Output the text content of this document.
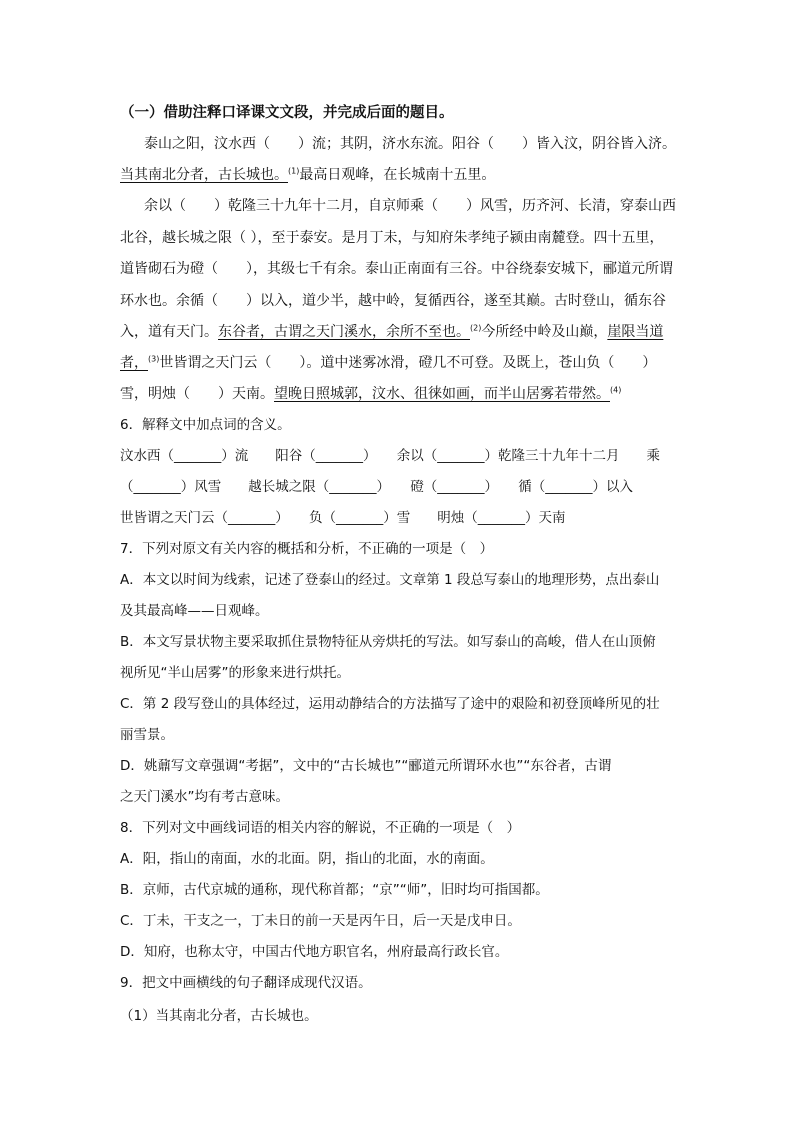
（一）借助注释口译课文文段，并完成后面的题目。
泰山之阳，汶水西（　　）流；其阴，济水东流。阳谷（　　）皆入汶，阴谷皆入济。
当其南北分者，古长城也。$^{(1)}$最高日观峰，在长城南十五里。
余以（　　）乾隆三十九年十二月，自京师乘（　　）风雪，历齐河、长清，穿泰山西
北谷，越长城之限（ ），至于泰安。是月丁未，与知府朱孝纯子颍由南麓登。四十五里，
道皆砌石为磴（　　），其级七千有余。泰山正南面有三谷。中谷绕泰安城下，郦道元所谓
环水也。余循（　　）以入，道少半，越中岭，复循西谷，遂至其巅。古时登山，循东谷
入，道有天门。东谷者，古谓之天门溪水，余所不至也。$^{(2)}$今所经中岭及山巅，崖限当道
者，$^{(3)}$世皆谓之天门云（　　）。道中迷雾冰滑，磴几不可登。及既上，苍山负（　　）
雪，明烛（　　）天南。望晚日照城郭，汶水、徂徕如画，而半山居雾若带然。$^{(4)}$
6．解释文中加点词的含义。
汶水西（_______）流　　阳谷（_______）　　余以（_______）乾隆三十九年十二月　　乘
（_______）风雪　　越长城之限（_______）　　磴（_______）　　循（_______）以入
世皆谓之天门云（_______）　　负（_______）雪　　明烛（_______）天南
7．下列对原文有关内容的概括和分析，不正确的一项是（　）
A．本文以时间为线索，记述了登泰山的经过。文章第 1 段总写泰山的地理形势，点出泰山
及其最高峰——日观峰。
B．本文写景状物主要采取抓住景物特征从旁烘托的写法。如写泰山的高峻，借人在山顶俯
视所见“半山居雾”的形象来进行烘托。
C．第 2 段写登山的具体经过，运用动静结合的方法描写了途中的艰险和初登顶峰所见的壮
丽雪景。
D．姚鼐写文章强调“考据”，文中的“古长城也”“郦道元所谓环水也”“东谷者，古谓
之天门溪水”均有考古意味。
8．下列对文中画线词语的相关内容的解说，不正确的一项是（　）
A．阳，指山的南面，水的北面。阴，指山的北面，水的南面。
B．京师，古代京城的通称，现代称首都；“京”“师”，旧时均可指国都。
C．丁未，干支之一，丁未日的前一天是丙午日，后一天是戊申日。
D．知府，也称太守，中国古代地方职官名，州府最高行政长官。
9．把文中画横线的句子翻译成现代汉语。
（1）当其南北分者，古长城也。
